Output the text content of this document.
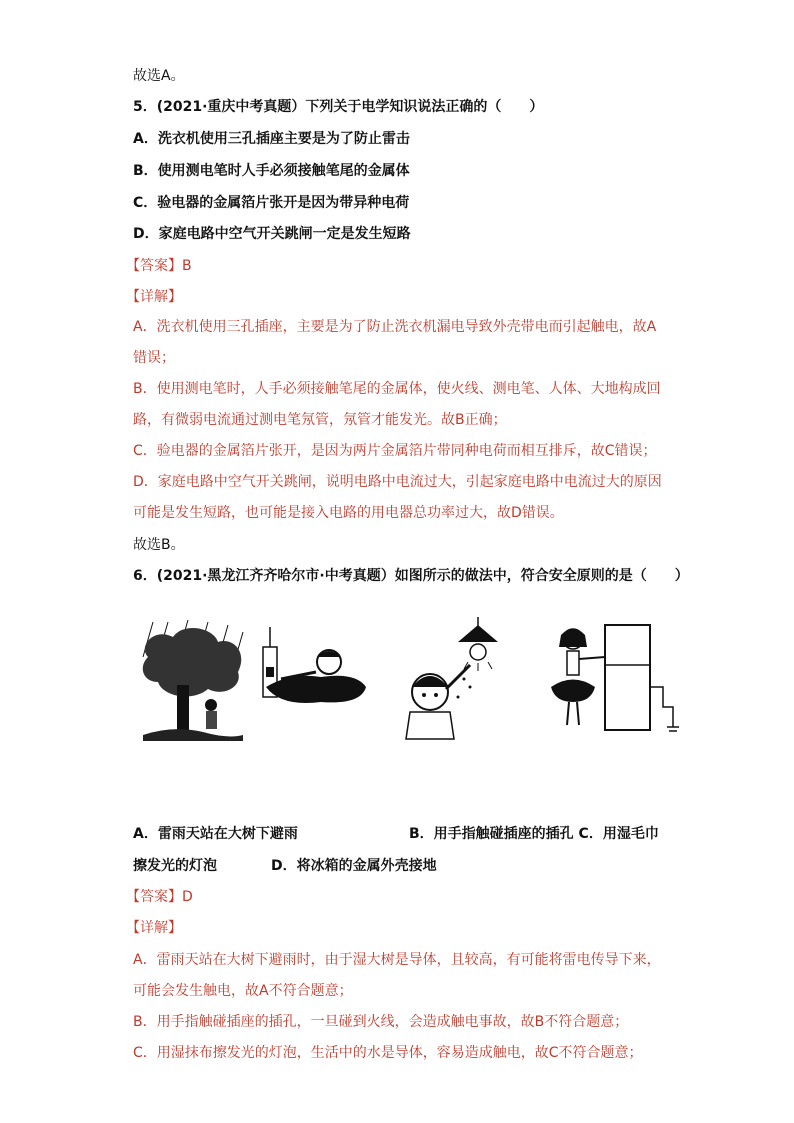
故选A。
5．(2021·重庆中考真题）下列关于电学知识说法正确的（　　）
A．洗衣机使用三孔插座主要是为了防止雷击
B．使用测电笔时人手必须接触笔尾的金属体
C．验电器的金属箔片张开是因为带异种电荷
D．家庭电路中空气开关跳闸一定是发生短路
【答案】B
【详解】
A．洗衣机使用三孔插座，主要是为了防止洗衣机漏电导致外壳带电而引起触电，故A
错误；
B．使用测电笔时，人手必须接触笔尾的金属体，使火线、测电笔、人体、大地构成回
路，有微弱电流通过测电笔氖管，氖管才能发光。故B正确；
C．验电器的金属箔片张开，是因为两片金属箔片带同种电荷而相互排斥，故C错误；
D．家庭电路中空气开关跳闸，说明电路中电流过大，引起家庭电路中电流过大的原因
可能是发生短路，也可能是接入电路的用电器总功率过大，故D错误。
故选B。
6．(2021·黑龙江齐齐哈尔市·中考真题）如图所示的做法中，符合安全原则的是（　　）
A．雷雨天站在大树下避雨	B．用手指触碰插座的插孔 C．用湿毛巾
擦发光的灯泡	D．将冰箱的金属外壳接地
【答案】D
【详解】
A．雷雨天站在大树下避雨时，由于湿大树是导体，且较高，有可能将雷电传导下来，
可能会发生触电，故A不符合题意；
B．用手指触碰插座的插孔，一旦碰到火线，会造成触电事故，故B不符合题意；
C．用湿抹布擦发光的灯泡，生活中的水是导体，容易造成触电，故C不符合题意；
